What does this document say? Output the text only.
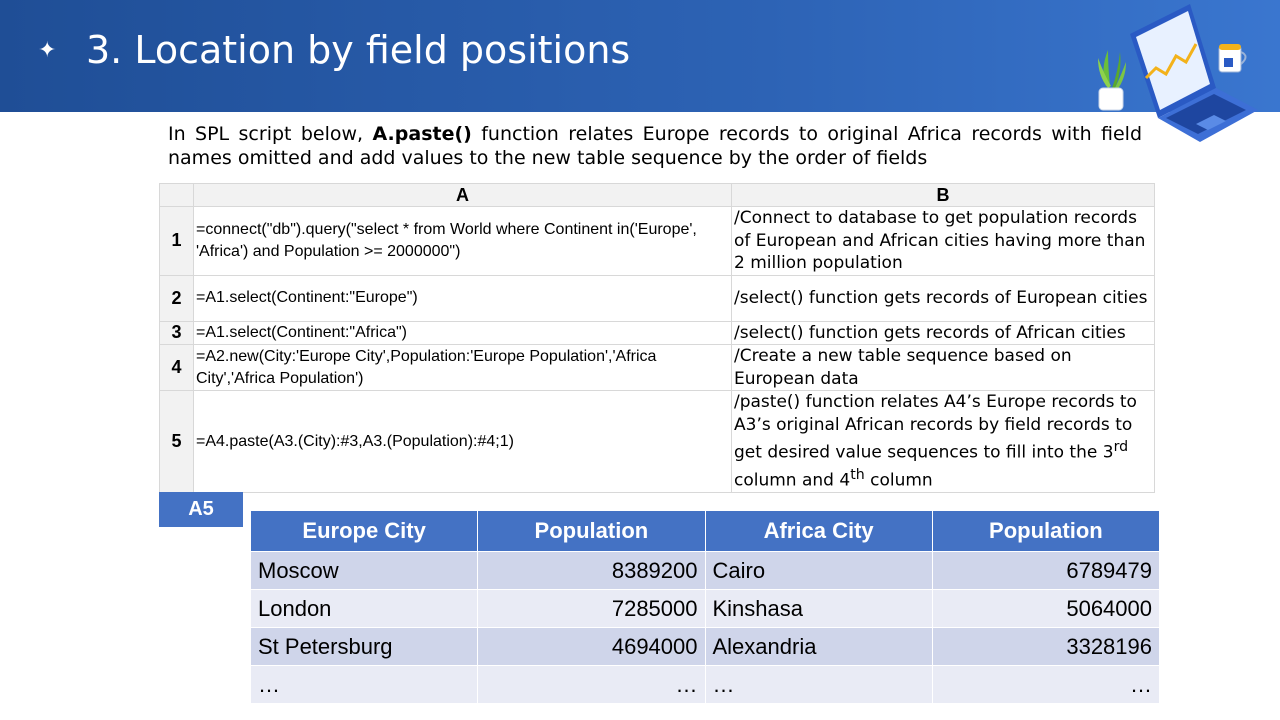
✦ 3. Location by field positions
In SPL script below, A.paste() function relates Europe records to original Africa records with field names omitted and add values to the new table sequence by the order of fields
	A	B
1	=connect("db").query("select * from World where Continent in('Europe', 'Africa') and Population >= 2000000")	/Connect to database to get population records of European and African cities having more than 2 million population
2	=A1.select(Continent:"Europe")	/select() function gets records of European cities
3	=A1.select(Continent:"Africa")	/select() function gets records of African cities
4	=A2.new(City:'Europe City',Population:'Europe Population','Africa City','Africa Population')	/Create a new table sequence based on European data
5	=A4.paste(A3.(City):#3,A3.(Population):#4;1)	/paste() function relates A4’s Europe records to A3’s original African records by field records to get desired value sequences to fill into the 3rd column and 4th column
A5
Europe City	Population	Africa City	Population
Moscow	8389200	Cairo	6789479
London	7285000	Kinshasa	5064000
St Petersburg	4694000	Alexandria	3328196
…	…	…	…
